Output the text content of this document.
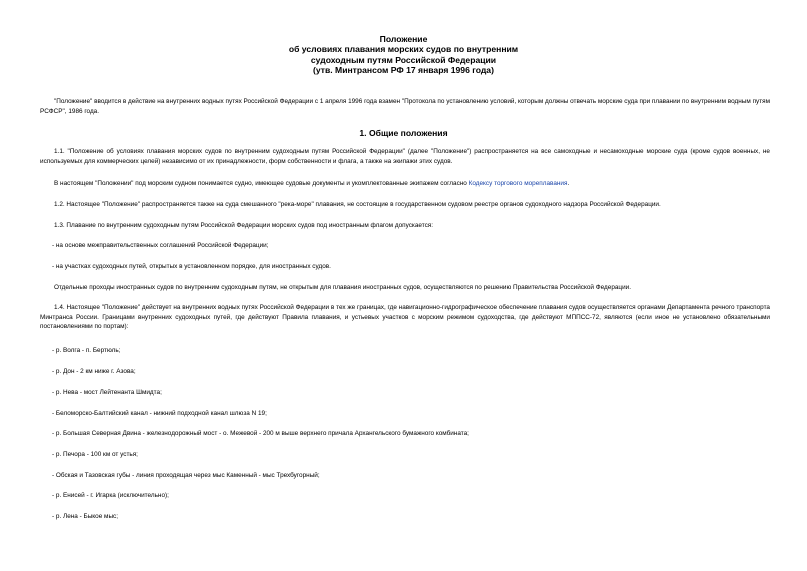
Положение
об условиях плавания морских судов по внутренним
судоходным путям Российской Федерации
(утв. Минтрансом РФ 17 января 1996 года)
"Положение" вводится в действие на внутренних водных путях Российской Федерации с 1 апреля 1996 года взамен "Протокола по установлению условий, которым должны отвечать морские суда при плавании по внутренним водным путям РСФСР", 1986 года.
1. Общие положения
1.1. "Положение об условиях плавания морских судов по внутренним судоходным путям Российской Федерации" (далее "Положение") распространяется на все самоходные и несамоходные морские суда (кроме судов военных, не используемых для коммерческих целей) независимо от их принадлежности, форм собственности и флага, а также на экипажи этих судов.
В настоящем "Положении" под морским судном понимается судно, имеющее судовые документы и укомплектованные экипажем согласно Кодексу торгового мореплавания.
1.2. Настоящее "Положение" распространяется также на суда смешанного "река-море" плавания, не состоящие в государственном судовом реестре органов судоходного надзора Российской Федерации.
1.3. Плавание по внутренним судоходным путям Российской Федерации морских судов под иностранным флагом допускается:
- на основе межправительственных соглашений Российской Федерации;
- на участках судоходных путей, открытых в установленном порядке, для иностранных судов.
Отдельные проходы иностранных судов по внутренним судоходным путям, не открытым для плавания иностранных судов, осуществляются по решению Правительства Российской Федерации.
1.4. Настоящее "Положение" действует на внутренних водных путях Российской Федерации в тех же границах, где навигационно-гидрографическое обеспечение плавания судов осуществляется органами Департамента речного транспорта Минтранса России. Границами внутренних судоходных путей, где действуют Правила плавания, и устьевых участков с морским режимом судоходства, где действуют МППСС-72, являются (если иное не установлено обязательными постановлениями по портам):
- р. Волга - п. Бертюль;
- р. Дон - 2 км ниже г. Азова;
- р. Нева - мост Лейтенанта Шмидта;
- Беломорско-Балтийский канал - нижний подходной канал шлюза N 19;
- р. Большая Северная Двина - железнодорожный мост - о. Межевой - 200 м выше верхнего причала Архангельского бумажного комбината;
- р. Печора - 100 км от устья;
- Обская и Тазовская губы - линия проходящая через мыс Каменный - мыс Трехбугорный;
- р. Енисей - г. Игарка (исключительно);
- р. Лена - Быкое мыс;
